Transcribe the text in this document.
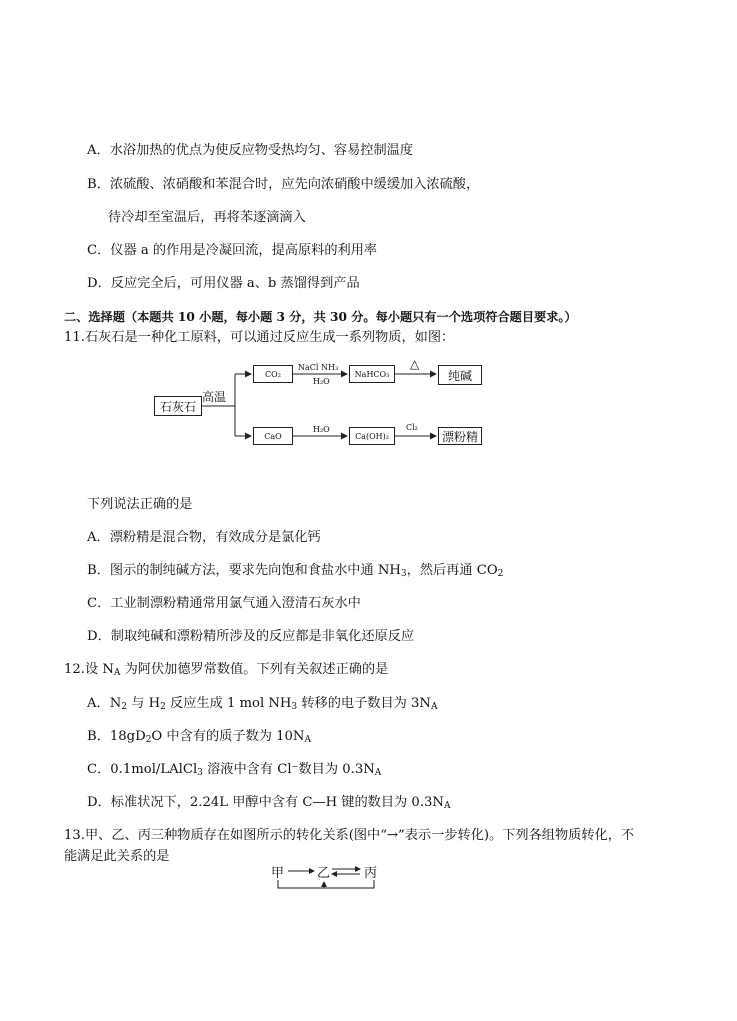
A．水浴加热的优点为使反应物受热均匀、容易控制温度
B．浓硫酸、浓硝酸和苯混合时，应先向浓硝酸中缓缓加入浓硫酸，
待冷却至室温后，再将苯逐滴滴入
C．仪器 a 的作用是冷凝回流，提高原料的利用率
D．反应完全后，可用仪器 a、b 蒸馏得到产品
二、选择题（本题共 10 小题，每小题 3 分，共 30 分。每小题只有一个选项符合题目要求。）
11.石灰石是一种化工原料，可以通过反应生成一系列物质，如图：
石灰石
高温
CO₂
NaCl NH₃
H₂O
NaHCO₃
△
纯碱
CaO
H₂O
Ca(OH)₂
Cl₂
漂粉精
下列说法正确的是
A．漂粉精是混合物，有效成分是氯化钙
B．图示的制纯碱方法，要求先向饱和食盐水中通 $NH_3$，然后再通 $CO_2$
C．工业制漂粉精通常用氯气通入澄清石灰水中
D．制取纯碱和漂粉精所涉及的反应都是非氧化还原反应
12.设 $N_A$ 为阿伏加德罗常数值。下列有关叙述正确的是
A．$N_2$ 与 $H_2$ 反应生成 1 mol $NH_3$ 转移的电子数目为 $3N_A$
B．$18gD_2O$ 中含有的质子数为 $10N_A$
C．0.1mol/LAlCl$_3$ 溶液中含有 Cl⁻数目为 $0.3N_A$
D．标准状况下，2.24L 甲醇中含有 C—H 键的数目为 $0.3N_A$
13.甲、乙、丙三种物质存在如图所示的转化关系(图中“→”表示一步转化)。下列各组物质转化，不
能满足此关系的是
甲	乙	丙
